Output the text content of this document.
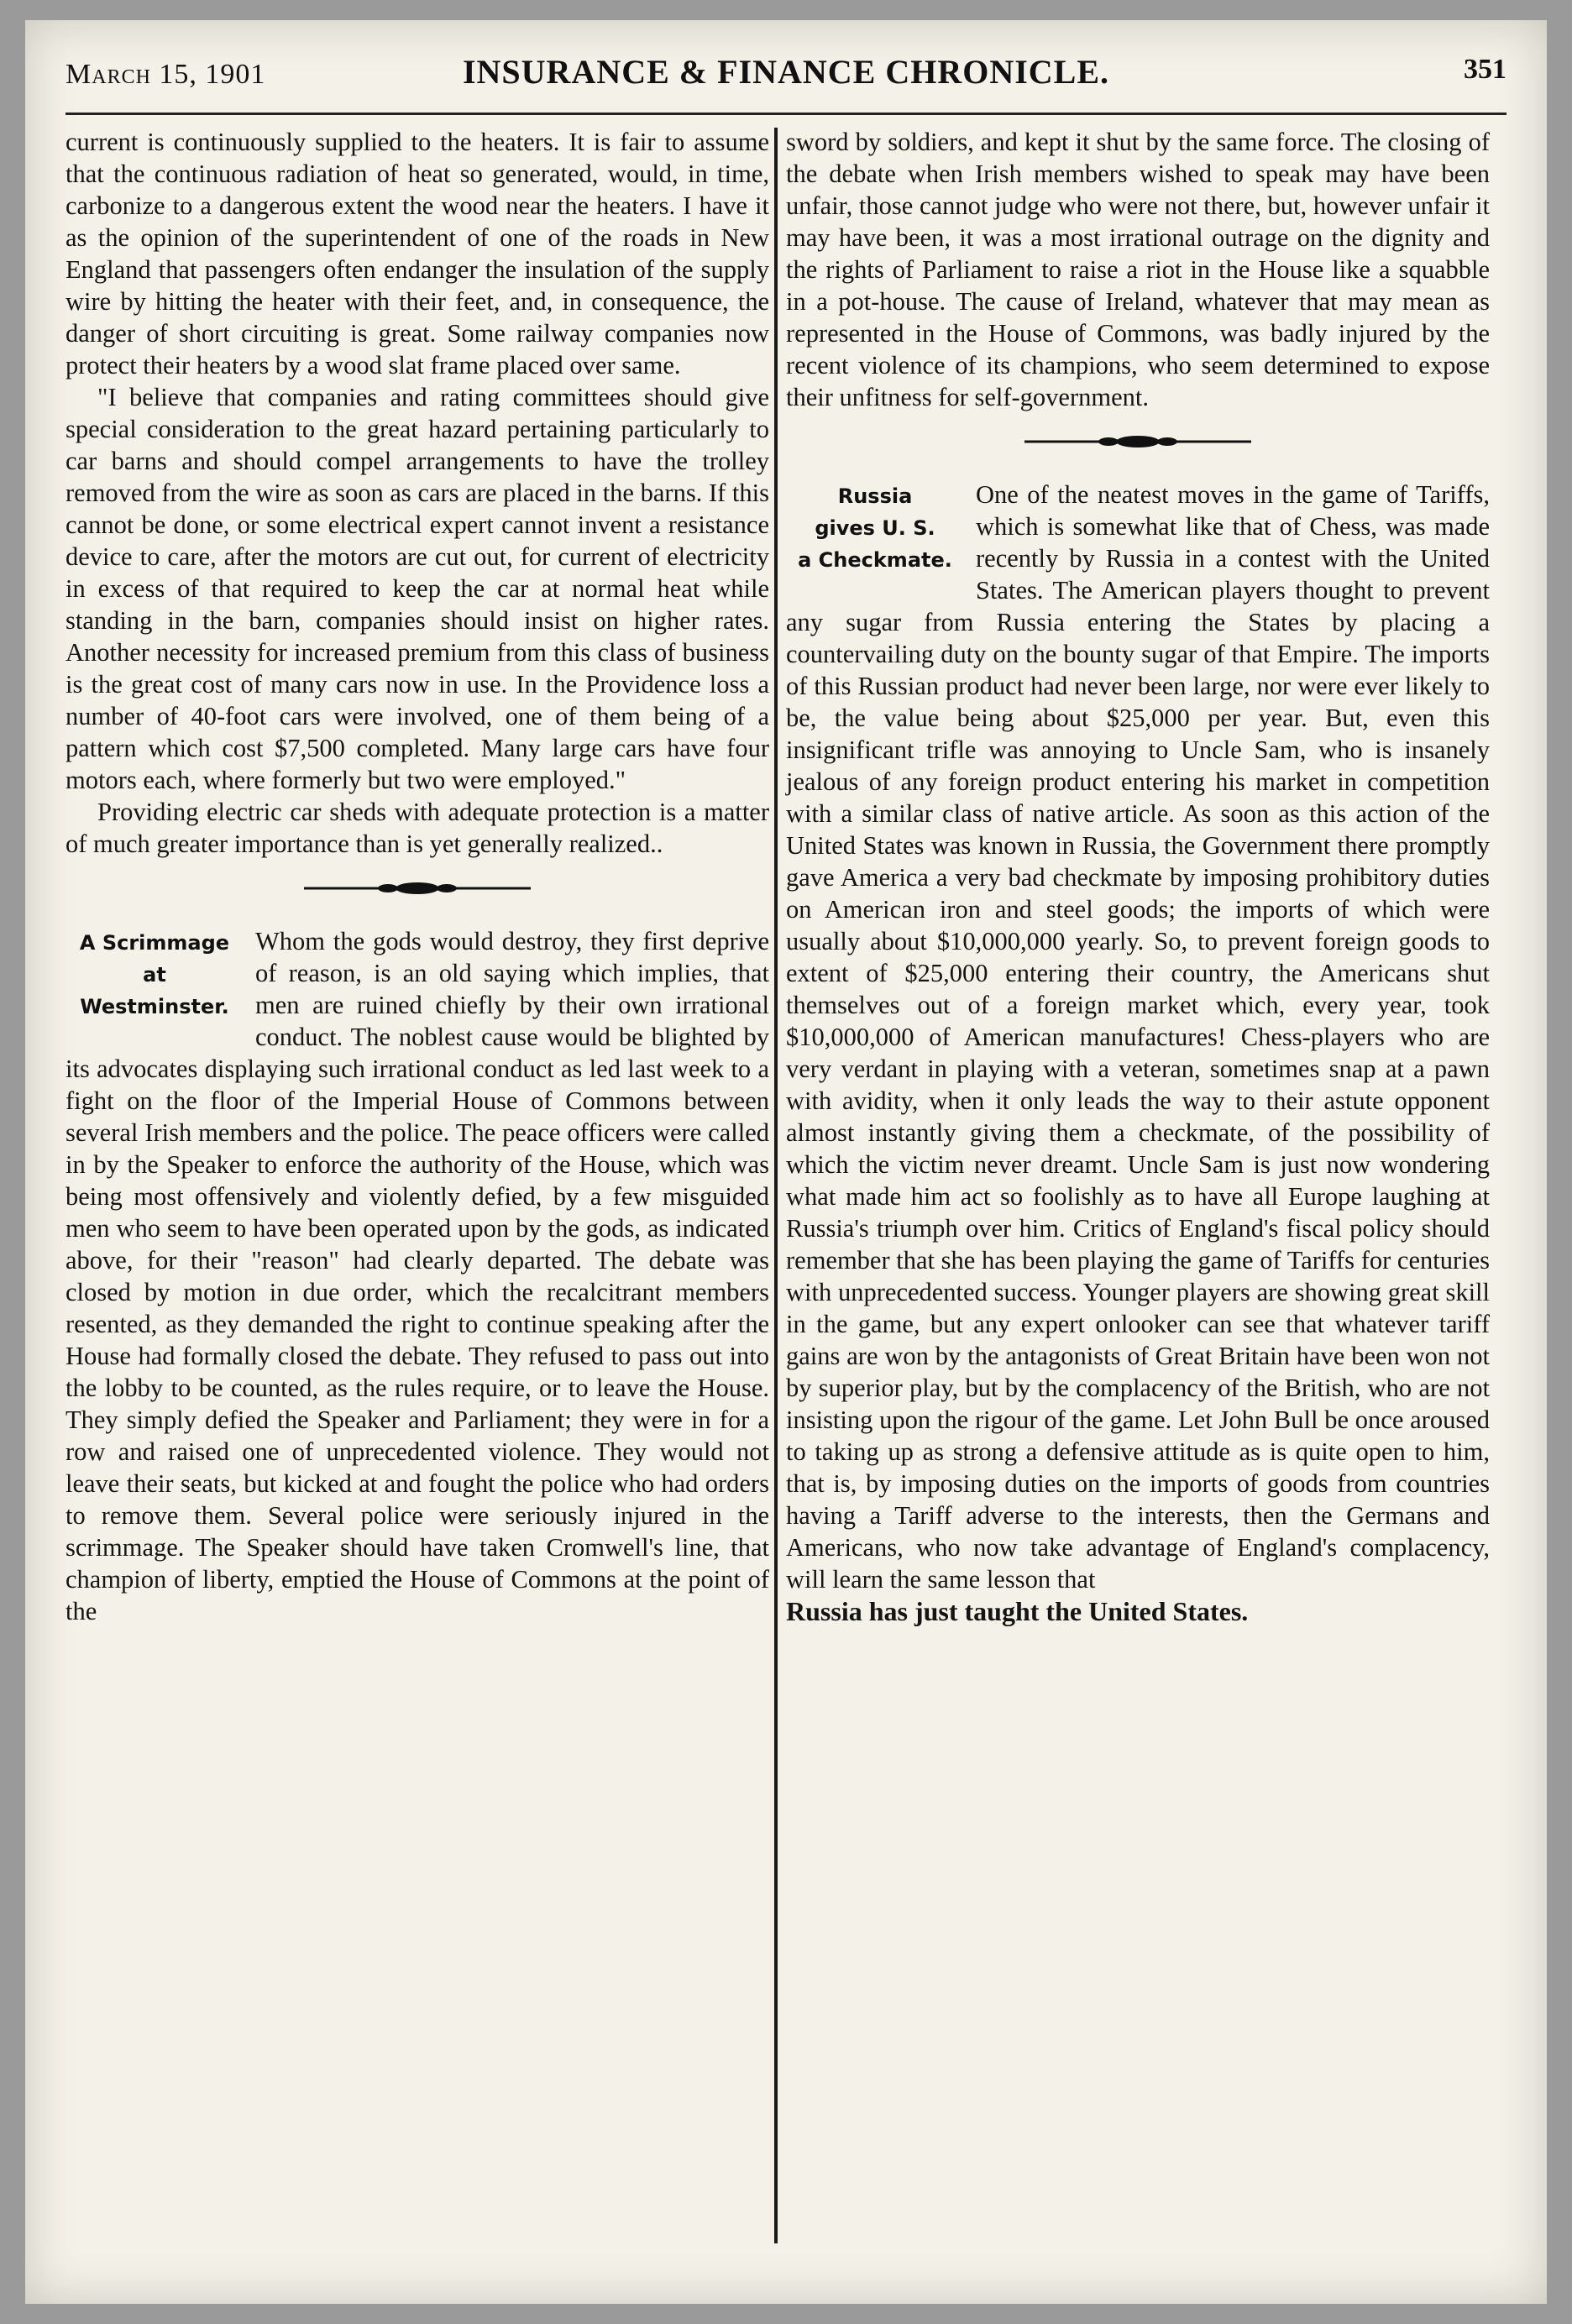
March 15, 1901	INSURANCE & FINANCE CHRONICLE.	351

current is continuously supplied to the heaters. It is fair to assume that the continuous radiation of heat so generated, would, in time, carbonize to a dangerous extent the wood near the heaters. I have it as the opinion of the superintendent of one of the roads in New England that passengers often endanger the insulation of the supply wire by hitting the heater with their feet, and, in consequence, the danger of short circuiting is great. Some railway companies now protect their heaters by a wood slat frame placed over same.

"I believe that companies and rating committees should give special consideration to the great hazard pertaining particularly to car barns and should compel arrangements to have the trolley removed from the wire as soon as cars are placed in the barns. If this cannot be done, or some electrical expert cannot invent a resistance device to care, after the motors are cut out, for current of electricity in excess of that required to keep the car at normal heat while standing in the barn, companies should insist on higher rates. Another necessity for increased premium from this class of business is the great cost of many cars now in use. In the Providence loss a number of 40-foot cars were involved, one of them being of a pattern which cost $7,500 completed. Many large cars have four motors each, where formerly but two were employed."

Providing electric car sheds with adequate protection is a matter of much greater importance than is yet generally realized..

A Scrimmage
at
Westminster.

Whom the gods would destroy, they first deprive of reason, is an old saying which implies, that men are ruined chiefly by their own irrational conduct. The noblest cause would be blighted by its advocates displaying such irrational conduct as led last week to a fight on the floor of the Imperial House of Commons between several Irish members and the police. The peace officers were called in by the Speaker to enforce the authority of the House, which was being most offensively and violently defied, by a few misguided men who seem to have been operated upon by the gods, as indicated above, for their "reason" had clearly departed. The debate was closed by motion in due order, which the recalcitrant members resented, as they demanded the right to continue speaking after the House had formally closed the debate. They refused to pass out into the lobby to be counted, as the rules require, or to leave the House. They simply defied the Speaker and Parliament; they were in for a row and raised one of unprecedented violence. They would not leave their seats, but kicked at and fought the police who had orders to remove them. Several police were seriously injured in the scrimmage. The Speaker should have taken Cromwell's line, that champion of liberty, emptied the House of Commons at the point of the

sword by soldiers, and kept it shut by the same force. The closing of the debate when Irish members wished to speak may have been unfair, those cannot judge who were not there, but, however unfair it may have been, it was a most irrational outrage on the dignity and the rights of Parliament to raise a riot in the House like a squabble in a pot-house. The cause of Ireland, whatever that may mean as represented in the House of Commons, was badly injured by the recent violence of its champions, who seem determined to expose their unfitness for self-government.

Russia
gives U. S.
a Checkmate.

One of the neatest moves in the game of Tariffs, which is somewhat like that of Chess, was made recently by Russia in a contest with the United States. The American players thought to prevent any sugar from Russia entering the States by placing a countervailing duty on the bounty sugar of that Empire. The imports of this Russian product had never been large, nor were ever likely to be, the value being about $25,000 per year. But, even this insignificant trifle was annoying to Uncle Sam, who is insanely jealous of any foreign product entering his market in competition with a similar class of native article. As soon as this action of the United States was known in Russia, the Government there promptly gave America a very bad checkmate by imposing prohibitory duties on American iron and steel goods; the imports of which were usually about $10,000,000 yearly. So, to prevent foreign goods to extent of $25,000 entering their country, the Americans shut themselves out of a foreign market which, every year, took $10,000,000 of American manufactures! Chess-players who are very verdant in playing with a veteran, sometimes snap at a pawn with avidity, when it only leads the way to their astute opponent almost instantly giving them a checkmate, of the possibility of which the victim never dreamt. Uncle Sam is just now wondering what made him act so foolishly as to have all Europe laughing at Russia's triumph over him. Critics of England's fiscal policy should remember that she has been playing the game of Tariffs for centuries with unprecedented success. Younger players are showing great skill in the game, but any expert onlooker can see that whatever tariff gains are won by the antagonists of Great Britain have been won not by superior play, but by the complacency of the British, who are not insisting upon the rigour of the game. Let John Bull be once aroused to taking up as strong a defensive attitude as is quite open to him, that is, by imposing duties on the imports of goods from countries having a Tariff adverse to the interests, then the Germans and Americans, who now take advantage of England's complacency, will learn the same lesson that

Russia has just taught the United States.
